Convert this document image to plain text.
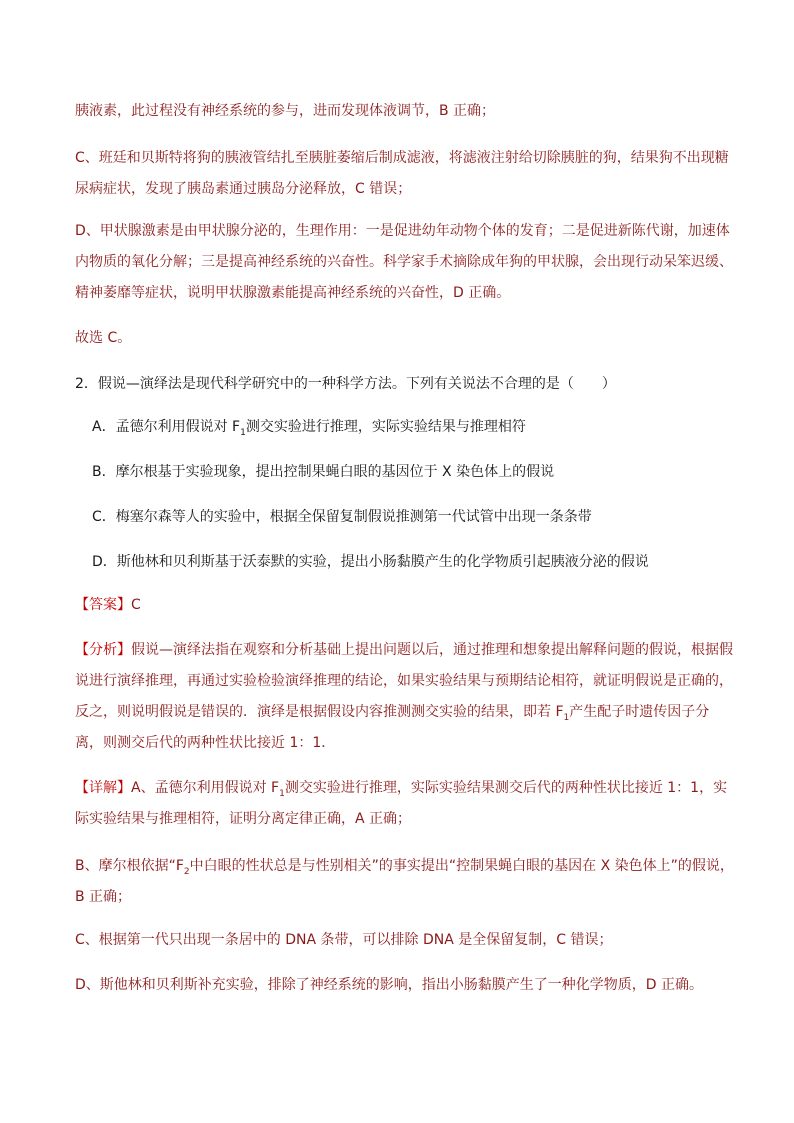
胰液素，此过程没有神经系统的参与，进而发现体液调节，B 正确；

C、班廷和贝斯特将狗的胰液管结扎至胰脏萎缩后制成滤液，将滤液注射给切除胰脏的狗，结果狗不出现糖尿病症状，发现了胰岛素通过胰岛分泌释放，C 错误；

D、甲状腺激素是由甲状腺分泌的，生理作用：一是促进幼年动物个体的发育；二是促进新陈代谢，加速体内物质的氧化分解；三是提高神经系统的兴奋性。科学家手术摘除成年狗的甲状腺，会出现行动呆笨迟缓、精神萎靡等症状，说明甲状腺激素能提高神经系统的兴奋性，D 正确。

故选 C。

2．假说—演绎法是现代科学研究中的一种科学方法。下列有关说法不合理的是（　　）

A．孟德尔利用假说对 $F_1$测交实验进行推理，实际实验结果与推理相符

B．摩尔根基于实验现象，提出控制果蝇白眼的基因位于 X 染色体上的假说

C．梅塞尔森等人的实验中，根据全保留复制假说推测第一代试管中出现一条条带

D．斯他林和贝利斯基于沃泰默的实验，提出小肠黏膜产生的化学物质引起胰液分泌的假说

【答案】C

【分析】假说—演绎法指在观察和分析基础上提出问题以后，通过推理和想象提出解释问题的假说，根据假说进行演绎推理，再通过实验检验演绎推理的结论，如果实验结果与预期结论相符，就证明假说是正确的，反之，则说明假说是错误的．演绎是根据假设内容推测测交实验的结果，即若 $F_1$产生配子时遗传因子分离，则测交后代的两种性状比接近 1：1．

【详解】A、孟德尔利用假说对 $F_1$测交实验进行推理，实际实验结果测交后代的两种性状比接近 1：1，实际实验结果与推理相符，证明分离定律正确，A 正确；

B、摩尔根依据“$F_2$中白眼的性状总是与性别相关”的事实提出“控制果蝇白眼的基因在 X 染色体上”的假说，B 正确；

C、根据第一代只出现一条居中的 DNA 条带，可以排除 DNA 是全保留复制，C 错误；

D、斯他林和贝利斯补充实验，排除了神经系统的影响，指出小肠黏膜产生了一种化学物质，D 正确。
